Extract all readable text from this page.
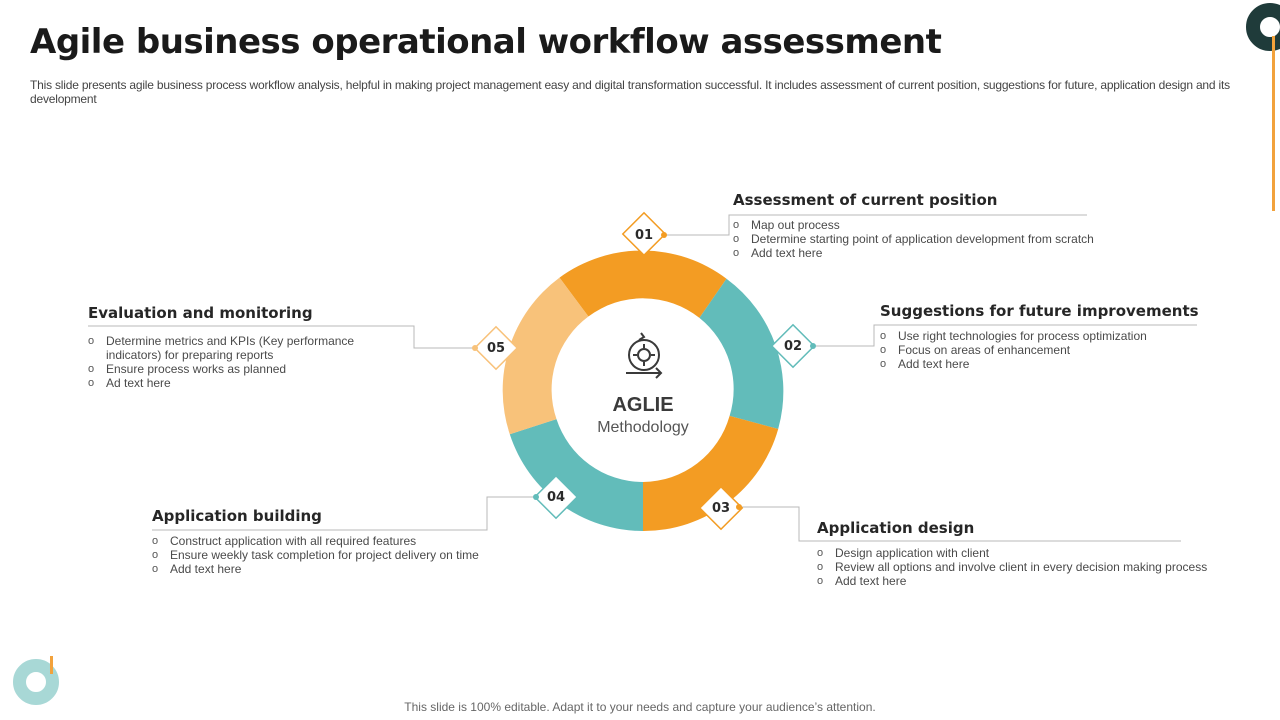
Agile business operational workflow assessment
This slide presents agile business process workflow analysis, helpful in making project management easy and digital transformation successful. It includes assessment of current position, suggestions for future, application design and its development
01
02
03
04
05
AGLIE
Methodology
Assessment of current position
o Map out process
o Determine starting point of application development from scratch
o Add text here
Suggestions for future improvements
o Use right technologies for process optimization
o Focus on areas of enhancement
o Add text here
Application design
o Design application with client
o Review all options and involve client in every decision making process
o Add text here
Application building
o Construct application with all required features
o Ensure weekly task completion for project delivery on time
o Add text here
Evaluation and monitoring
o Determine metrics and KPIs (Key performance indicators) for preparing reports
o Ensure process works as planned
o Ad text here
This slide is 100% editable. Adapt it to your needs and capture your audience’s attention.
